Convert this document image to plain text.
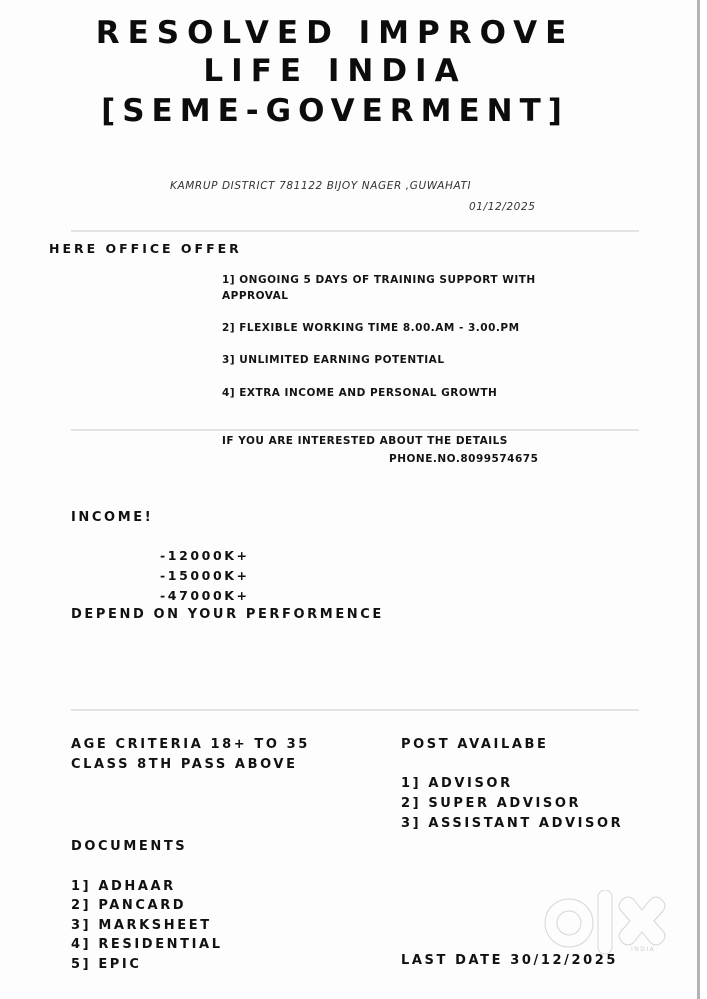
RESOLVED IMPROVE
LIFE INDIA
[SEME-GOVERMENT]
KAMRUP DISTRICT 781122 BIJOY NAGER ,GUWAHATI
01/12/2025
HERE OFFICE OFFER
1] ONGOING 5 DAYS OF TRAINING SUPPORT WITH
APPROVAL
2] FLEXIBLE WORKING TIME 8.00.AM - 3.00.PM
3] UNLIMITED EARNING POTENTIAL
4] EXTRA INCOME AND PERSONAL GROWTH
IF YOU ARE INTERESTED ABOUT THE DETAILS
PHONE.NO.8099574675
INCOME!
-12000K+
-15000K+
-47000K+
DEPEND ON YOUR PERFORMENCE
AGE CRITERIA 18+ TO 35
CLASS 8TH PASS ABOVE
POST AVAILABE
1] ADVISOR
2] SUPER ADVISOR
3] ASSISTANT ADVISOR
DOCUMENTS
1] ADHAAR
2] PANCARD
3] MARKSHEET
4] RESIDENTIAL
5] EPIC
INDIA
LAST DATE 30/12/2025
